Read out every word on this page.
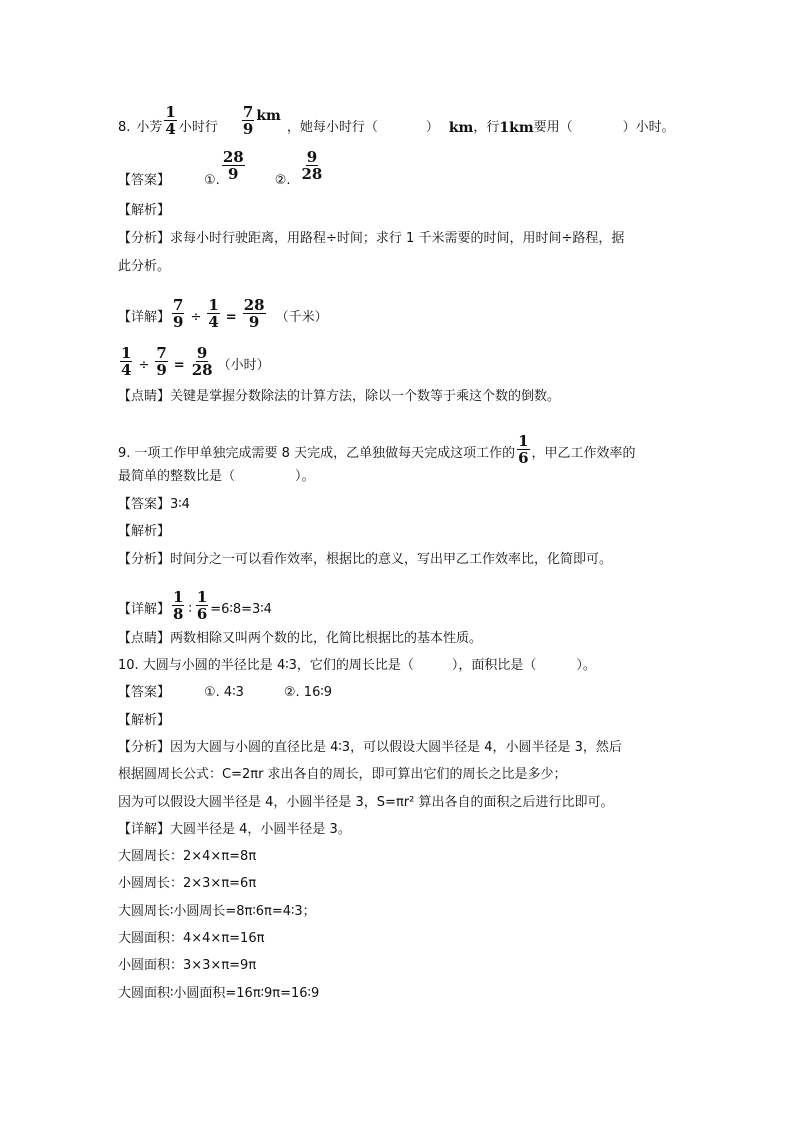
8. 小芳 $\frac{1}{4}$ 小时行 $\frac{7}{9}$ km
，她每小时行（	） km ，行 1km 要用（	）小时。
【答案】	①. $\frac{28}{9}$ ②. $\frac{9}{28}$
【解析】
【分析】求每小时行驶距离，用路程÷时间；求行 1 千米需要的时间，用时间÷路程，据
此分析。
【详解】 $\frac{7}{9} \div \frac{1}{4} = \frac{28}{9}$ （千米）
$\frac{1}{4} \div \frac{7}{9} = \frac{9}{28}$ （小时）
【点睛】关键是掌握分数除法的计算方法，除以一个数等于乘这个数的倒数。
9. 一项工作甲单独完成需要 8 天完成，乙单独做每天完成这项工作的 $\frac{1}{6}$ ，甲乙工作效率的
最简单的整数比是（	）。
【答案】3∶4
【解析】
【分析】时间分之一可以看作效率，根据比的意义，写出甲乙工作效率比，化简即可。
【详解】 $\frac{1}{8}$ ∶ $\frac{1}{6}$ =6∶8=3∶4
【点睛】两数相除又叫两个数的比，化简比根据比的基本性质。
10. 大圆与小圆的半径比是 4∶3，它们的周长比是（	），面积比是（	）。
【答案】	①. 4∶3	②. 16∶9
【解析】
【分析】因为大圆与小圆的直径比是 4∶3，可以假设大圆半径是 4，小圆半径是 3，然后
根据圆周长公式：C=2πr 求出各自的周长，即可算出它们的周长之比是多少；
因为可以假设大圆半径是 4，小圆半径是 3，S=πr² 算出各自的面积之后进行比即可。
【详解】大圆半径是 4，小圆半径是 3。
大圆周长：2×4×π=8π
小圆周长：2×3×π=6π
大圆周长∶小圆周长=8π∶6π=4∶3；
大圆面积：4×4×π=16π
小圆面积：3×3×π=9π
大圆面积∶小圆面积=16π∶9π=16∶9
